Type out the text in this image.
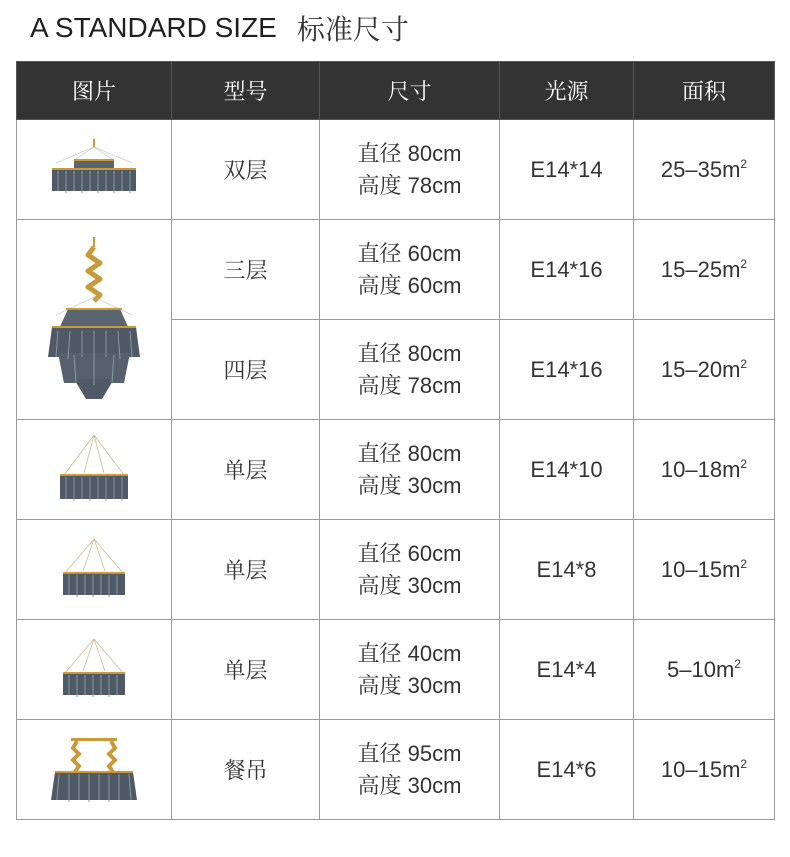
A STANDARD SIZE 标准尺寸
图片	型号	尺寸	光源	面积

	双层	直径 80cm
高度 78cm	E14*14	$25-35m^2$

	三层	直径 60cm
高度 60cm	E14*16	$15-25m^2$
	四层	直径 80cm
高度 78cm	E14*16	$15-20m^2$

	单层	直径 80cm
高度 30cm	E14*10	$10-18m^2$

	单层	直径 60cm
高度 30cm	E14*8	$10-15m^2$

	单层	直径 40cm
高度 30cm	E14*4	$5-10m^2$

	餐吊	直径 95cm
高度 30cm	E14*6	$10-15m^2$
